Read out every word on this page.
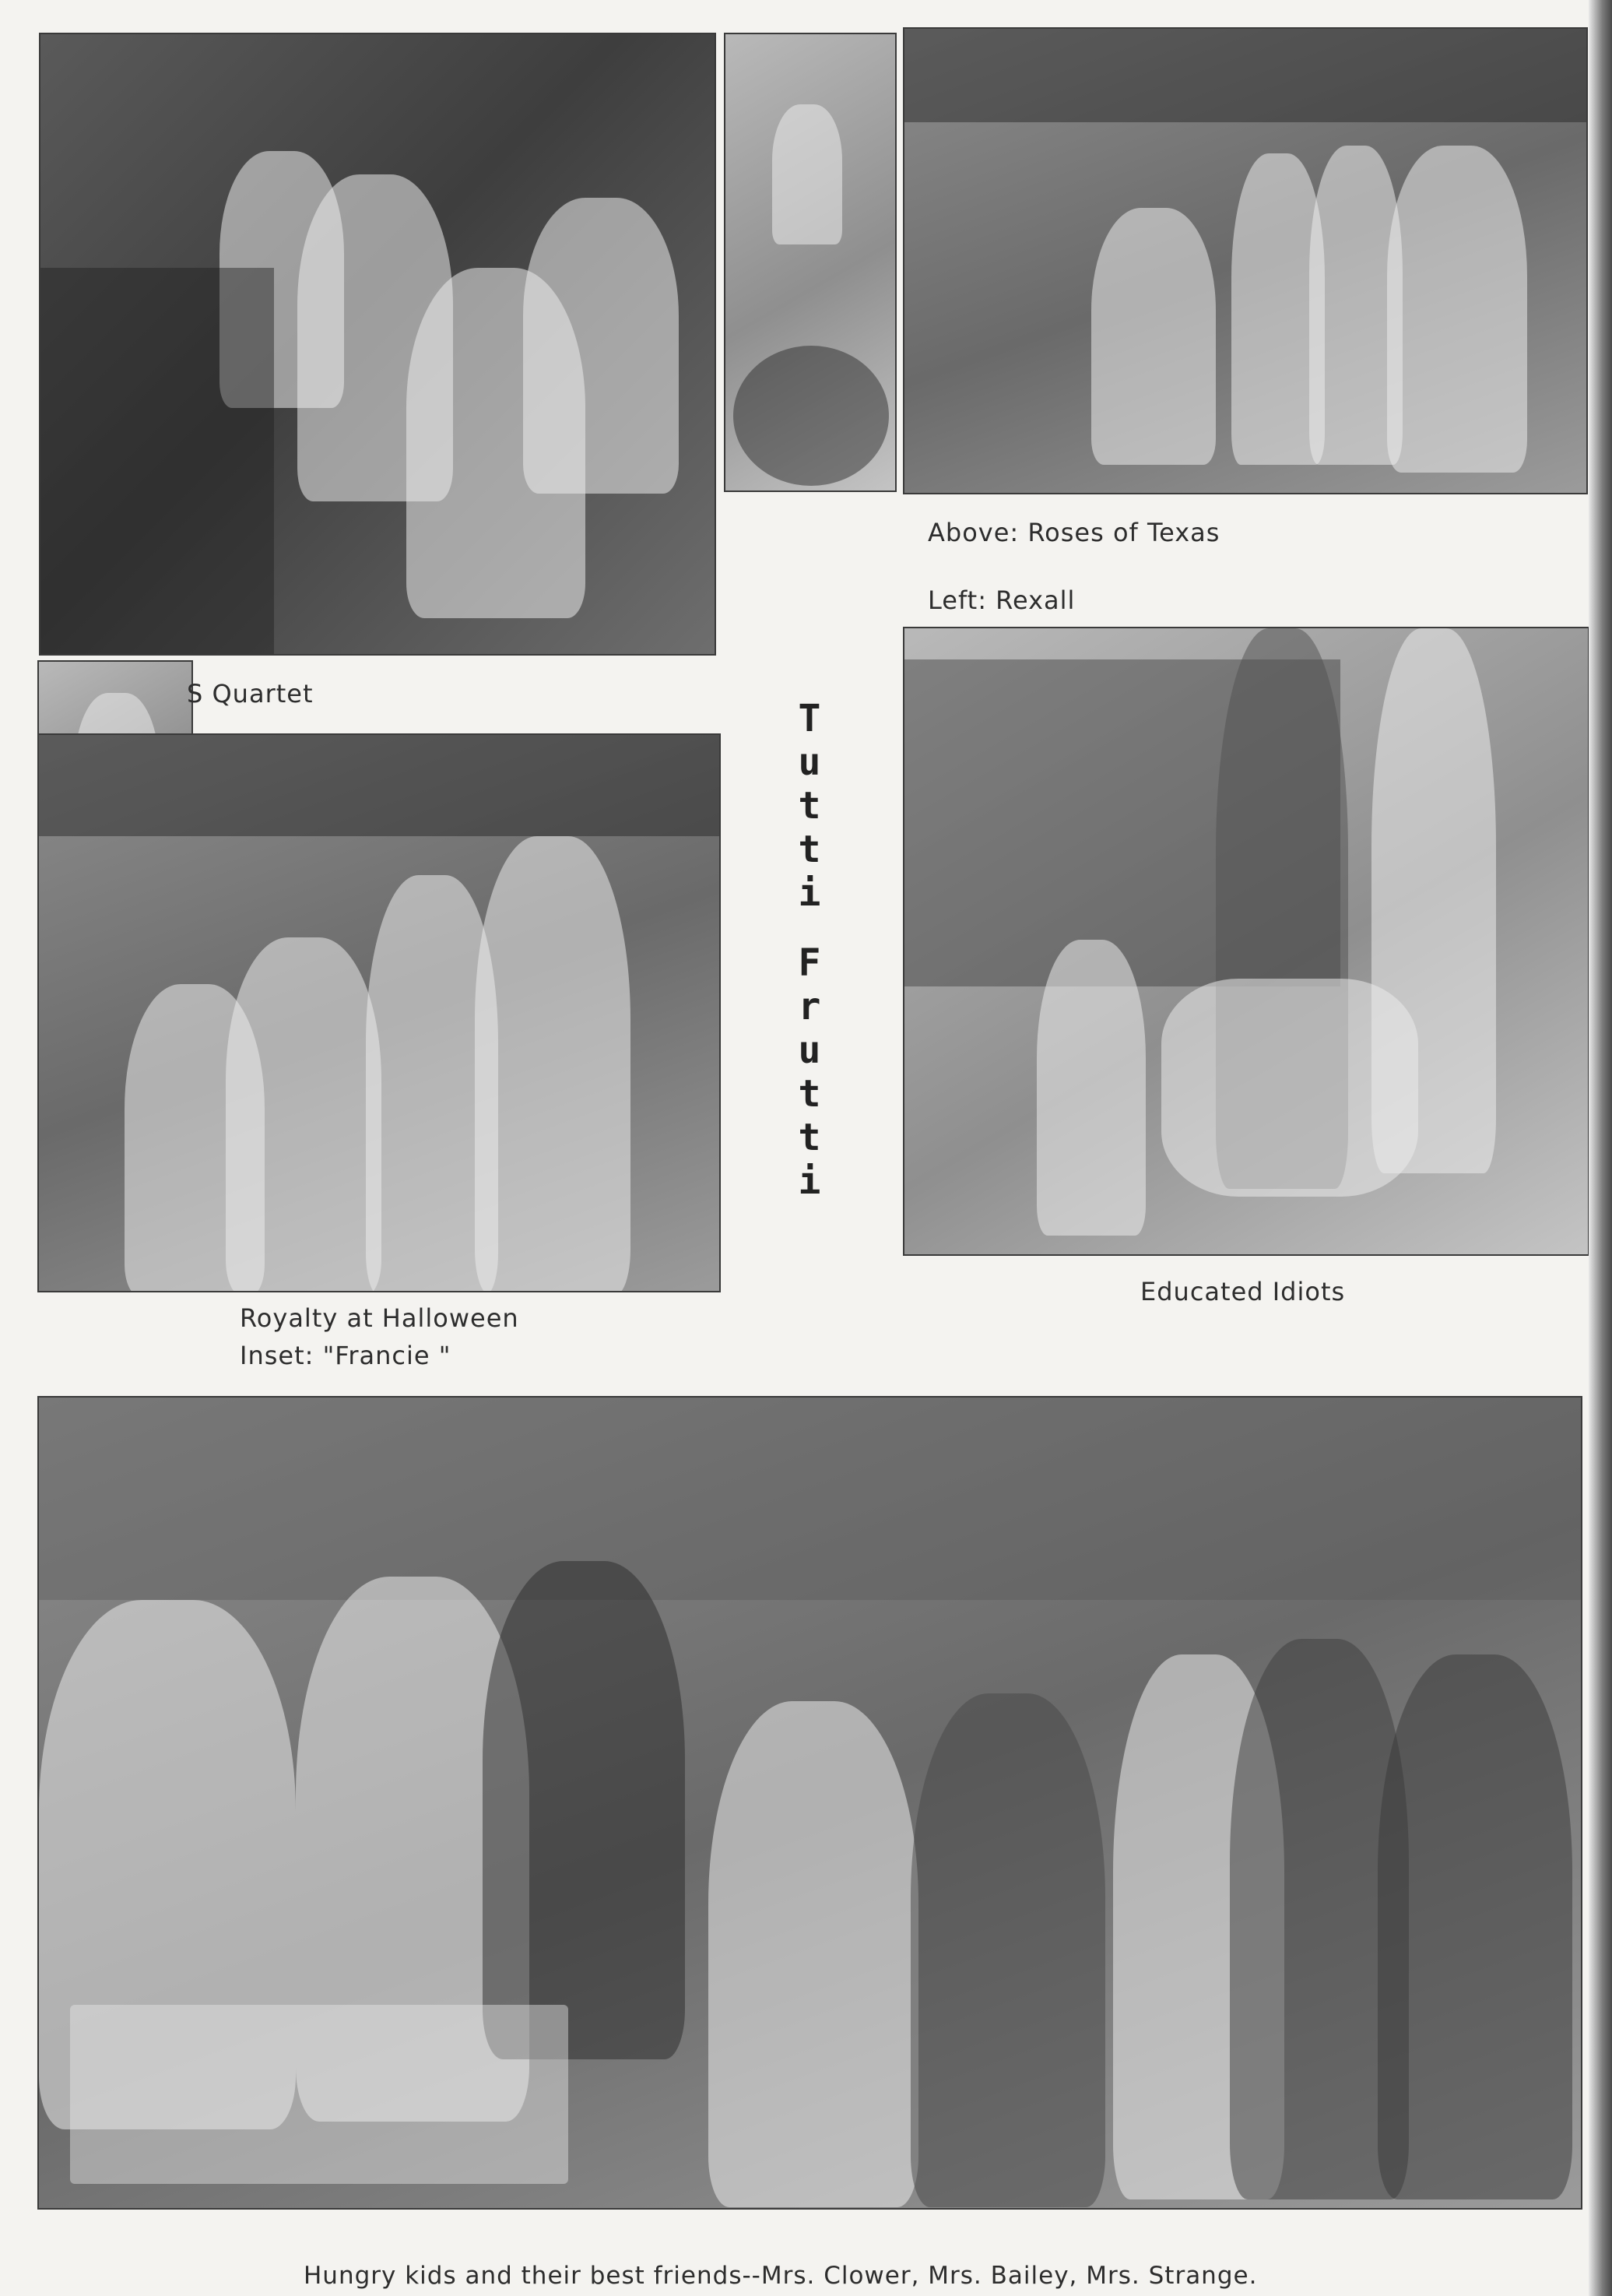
Above: Roses of Texas
Left: Rexall
S Quartet
Royalty at Halloween
Inset: "Francie "
T
u
t
t
i
F
r
u
t
t
i
Educated Idiots
Hungry kids and their best friends--Mrs. Clower, Mrs. Bailey, Mrs. Strange.
